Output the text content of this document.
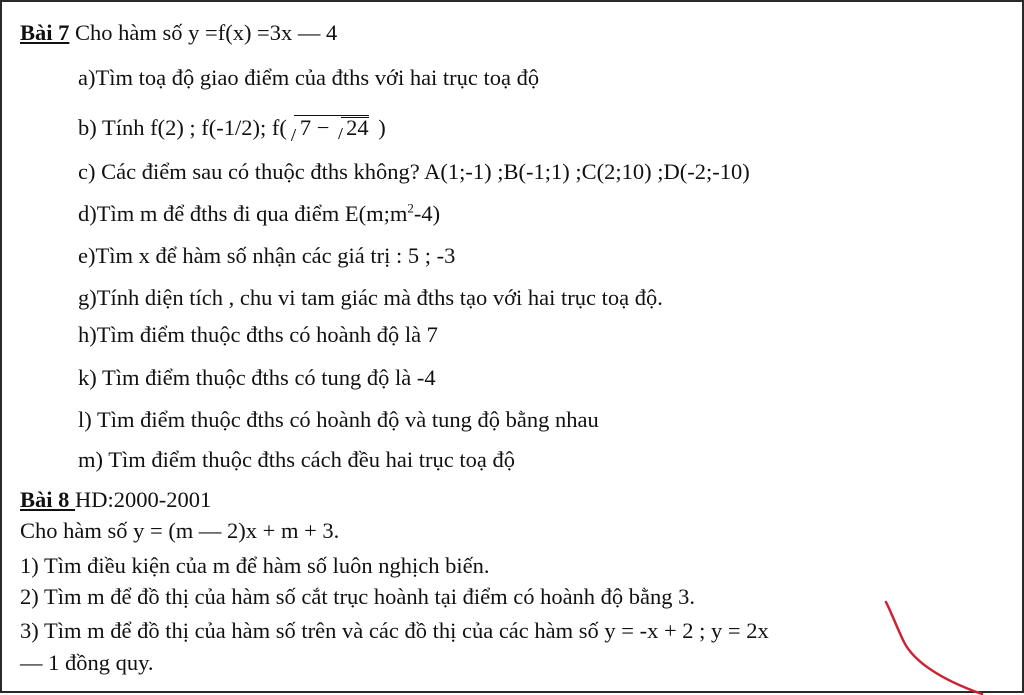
Bài 7 Cho hàm số y =f(x) =3x — 4
a)Tìm toạ độ giao điểm của đths với hai trục toạ độ
b) Tính f(2) ; f(-1/2); f( 7 − 24 )
c) Các điểm sau có thuộc đths không? A(1;-1) ;B(-1;1) ;C(2;10) ;D(-2;-10)
d)Tìm m để đths đi qua điểm $E(m;m^2-4)$
e)Tìm x để hàm số nhận các giá trị : 5 ; -3
g)Tính diện tích , chu vi tam giác mà đths tạo với hai trục toạ độ.
h)Tìm điểm thuộc đths có hoành độ là 7
k) Tìm điểm thuộc đths có tung độ là -4
l) Tìm điểm thuộc đths có hoành độ và tung độ bằng nhau
m) Tìm điểm thuộc đths cách đều hai trục toạ độ
Bài 8 HD:2000-2001
Cho hàm số y = (m — 2)x + m + 3.
1) Tìm điều kiện của m để hàm số luôn nghịch biến.
2) Tìm m để đồ thị của hàm số cắt trục hoành tại điểm có hoành độ bằng 3.
3) Tìm m để đồ thị của hàm số trên và các đồ thị của các hàm số y = -x + 2 ; y = 2x
— 1 đồng quy.
